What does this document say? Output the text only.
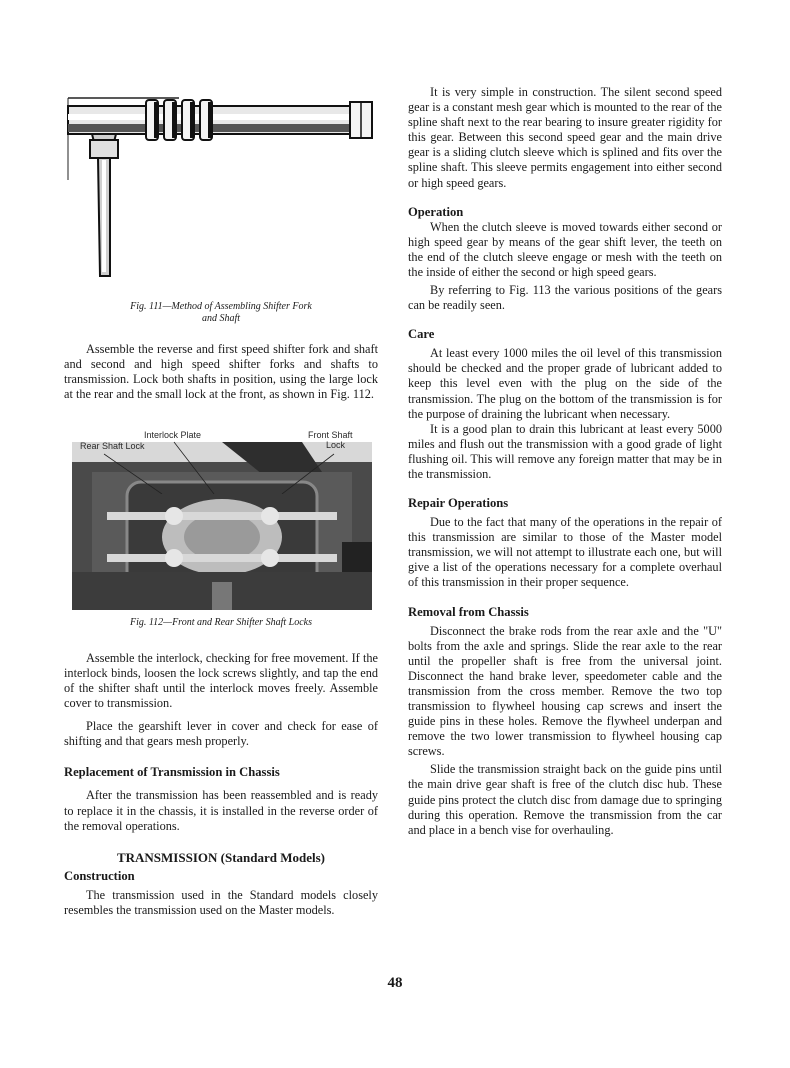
Fig. 111—Method of Assembling Shifter Fork
and Shaft

Assemble the reverse and first speed shifter fork and shaft and second and high speed shifter forks and shafts to transmission. Lock both shafts in position, using the large lock at the rear and the small lock at the front, as shown in Fig. 112.

Interlock Plate
Rear Shaft Lock
Front Shaft
Lock
Fig. 112—Front and Rear Shifter Shaft Locks

Assemble the interlock, checking for free movement. If the interlock binds, loosen the lock screws slightly, and tap the end of the shifter shaft until the interlock moves freely. Assemble cover to transmission.

Place the gearshift lever in cover and check for ease of shifting and that gears mesh properly.

Replacement of Transmission in Chassis

After the transmission has been reassembled and is ready to replace it in the chassis, it is installed in the reverse order of the removal operations.

TRANSMISSION (Standard Models)
Construction

The transmission used in the Standard models closely resembles the transmission used on the Master models.

It is very simple in construction. The silent second speed gear is a constant mesh gear which is mounted to the rear of the spline shaft next to the rear bearing to insure greater rigidity for this gear. Between this second speed gear and the main drive gear is a sliding clutch sleeve which is splined and fits over the spline shaft. This sleeve permits engagement into either second or high speed gears.

Operation

When the clutch sleeve is moved towards either second or high speed gear by means of the gear shift lever, the teeth on the end of the clutch sleeve engage or mesh with the teeth on the inside of either the second or high speed gears.

By referring to Fig. 113 the various positions of the gears can be readily seen.

Care

At least every 1000 miles the oil level of this transmission should be checked and the proper grade of lubricant added to keep this level even with the plug on the side of the transmission. The plug on the bottom of the transmission is for the purpose of draining the lubricant when necessary.

It is a good plan to drain this lubricant at least every 5000 miles and flush out the transmission with a good grade of light flushing oil. This will remove any foreign matter that may be in the transmission.

Repair Operations

Due to the fact that many of the operations in the repair of this transmission are similar to those of the Master model transmission, we will not attempt to illustrate each one, but will give a list of the operations necessary for a complete overhaul of this transmission in their proper sequence.

Removal from Chassis

Disconnect the brake rods from the rear axle and the "U" bolts from the axle and springs. Slide the rear axle to the rear until the propeller shaft is free from the universal joint. Disconnect the hand brake lever, speedometer cable and the transmission from the cross member. Remove the two top transmission to flywheel housing cap screws and insert the guide pins in these holes. Remove the flywheel underpan and remove the two lower transmission to flywheel housing cap screws.

Slide the transmission straight back on the guide pins until the main drive gear shaft is free of the clutch disc hub. These guide pins protect the clutch disc from damage due to springing during this operation. Remove the transmission from the car and place in a bench vise for overhauling.

48
